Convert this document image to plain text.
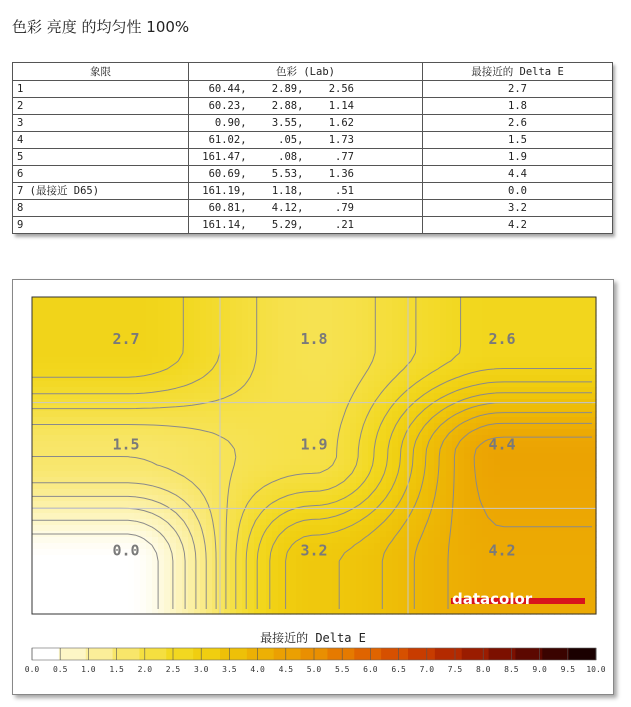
色彩 亮度 的均匀性 100%
象限	色彩 (Lab)	最接近的 Delta E
1	60.44,    2.89,    2.56	2.7
2	60.23,    2.88,    1.14	1.8
3	0.90,    3.55,    1.62	2.6
4	61.02,     .05,    1.73	1.5
5	161.47,     .08,     .77	1.9
6	60.69,    5.53,    1.36	4.4
7 (最接近 D65)	161.19,    1.18,     .51	0.0
8	60.81,    4.12,     .79	3.2
9	161.14,    5.29,     .21	4.2
2.7	1.8	2.6
1.5	1.9	4.4
0.0	3.2	4.2
datacolor
0.0 0.5 1.0 1.5 2.0 2.5 3.0 3.5 4.0 4.5 5.0 5.5 6.0 6.5 7.0 7.5 8.0 8.5 9.0 9.5 10.0
最接近的 Delta E
